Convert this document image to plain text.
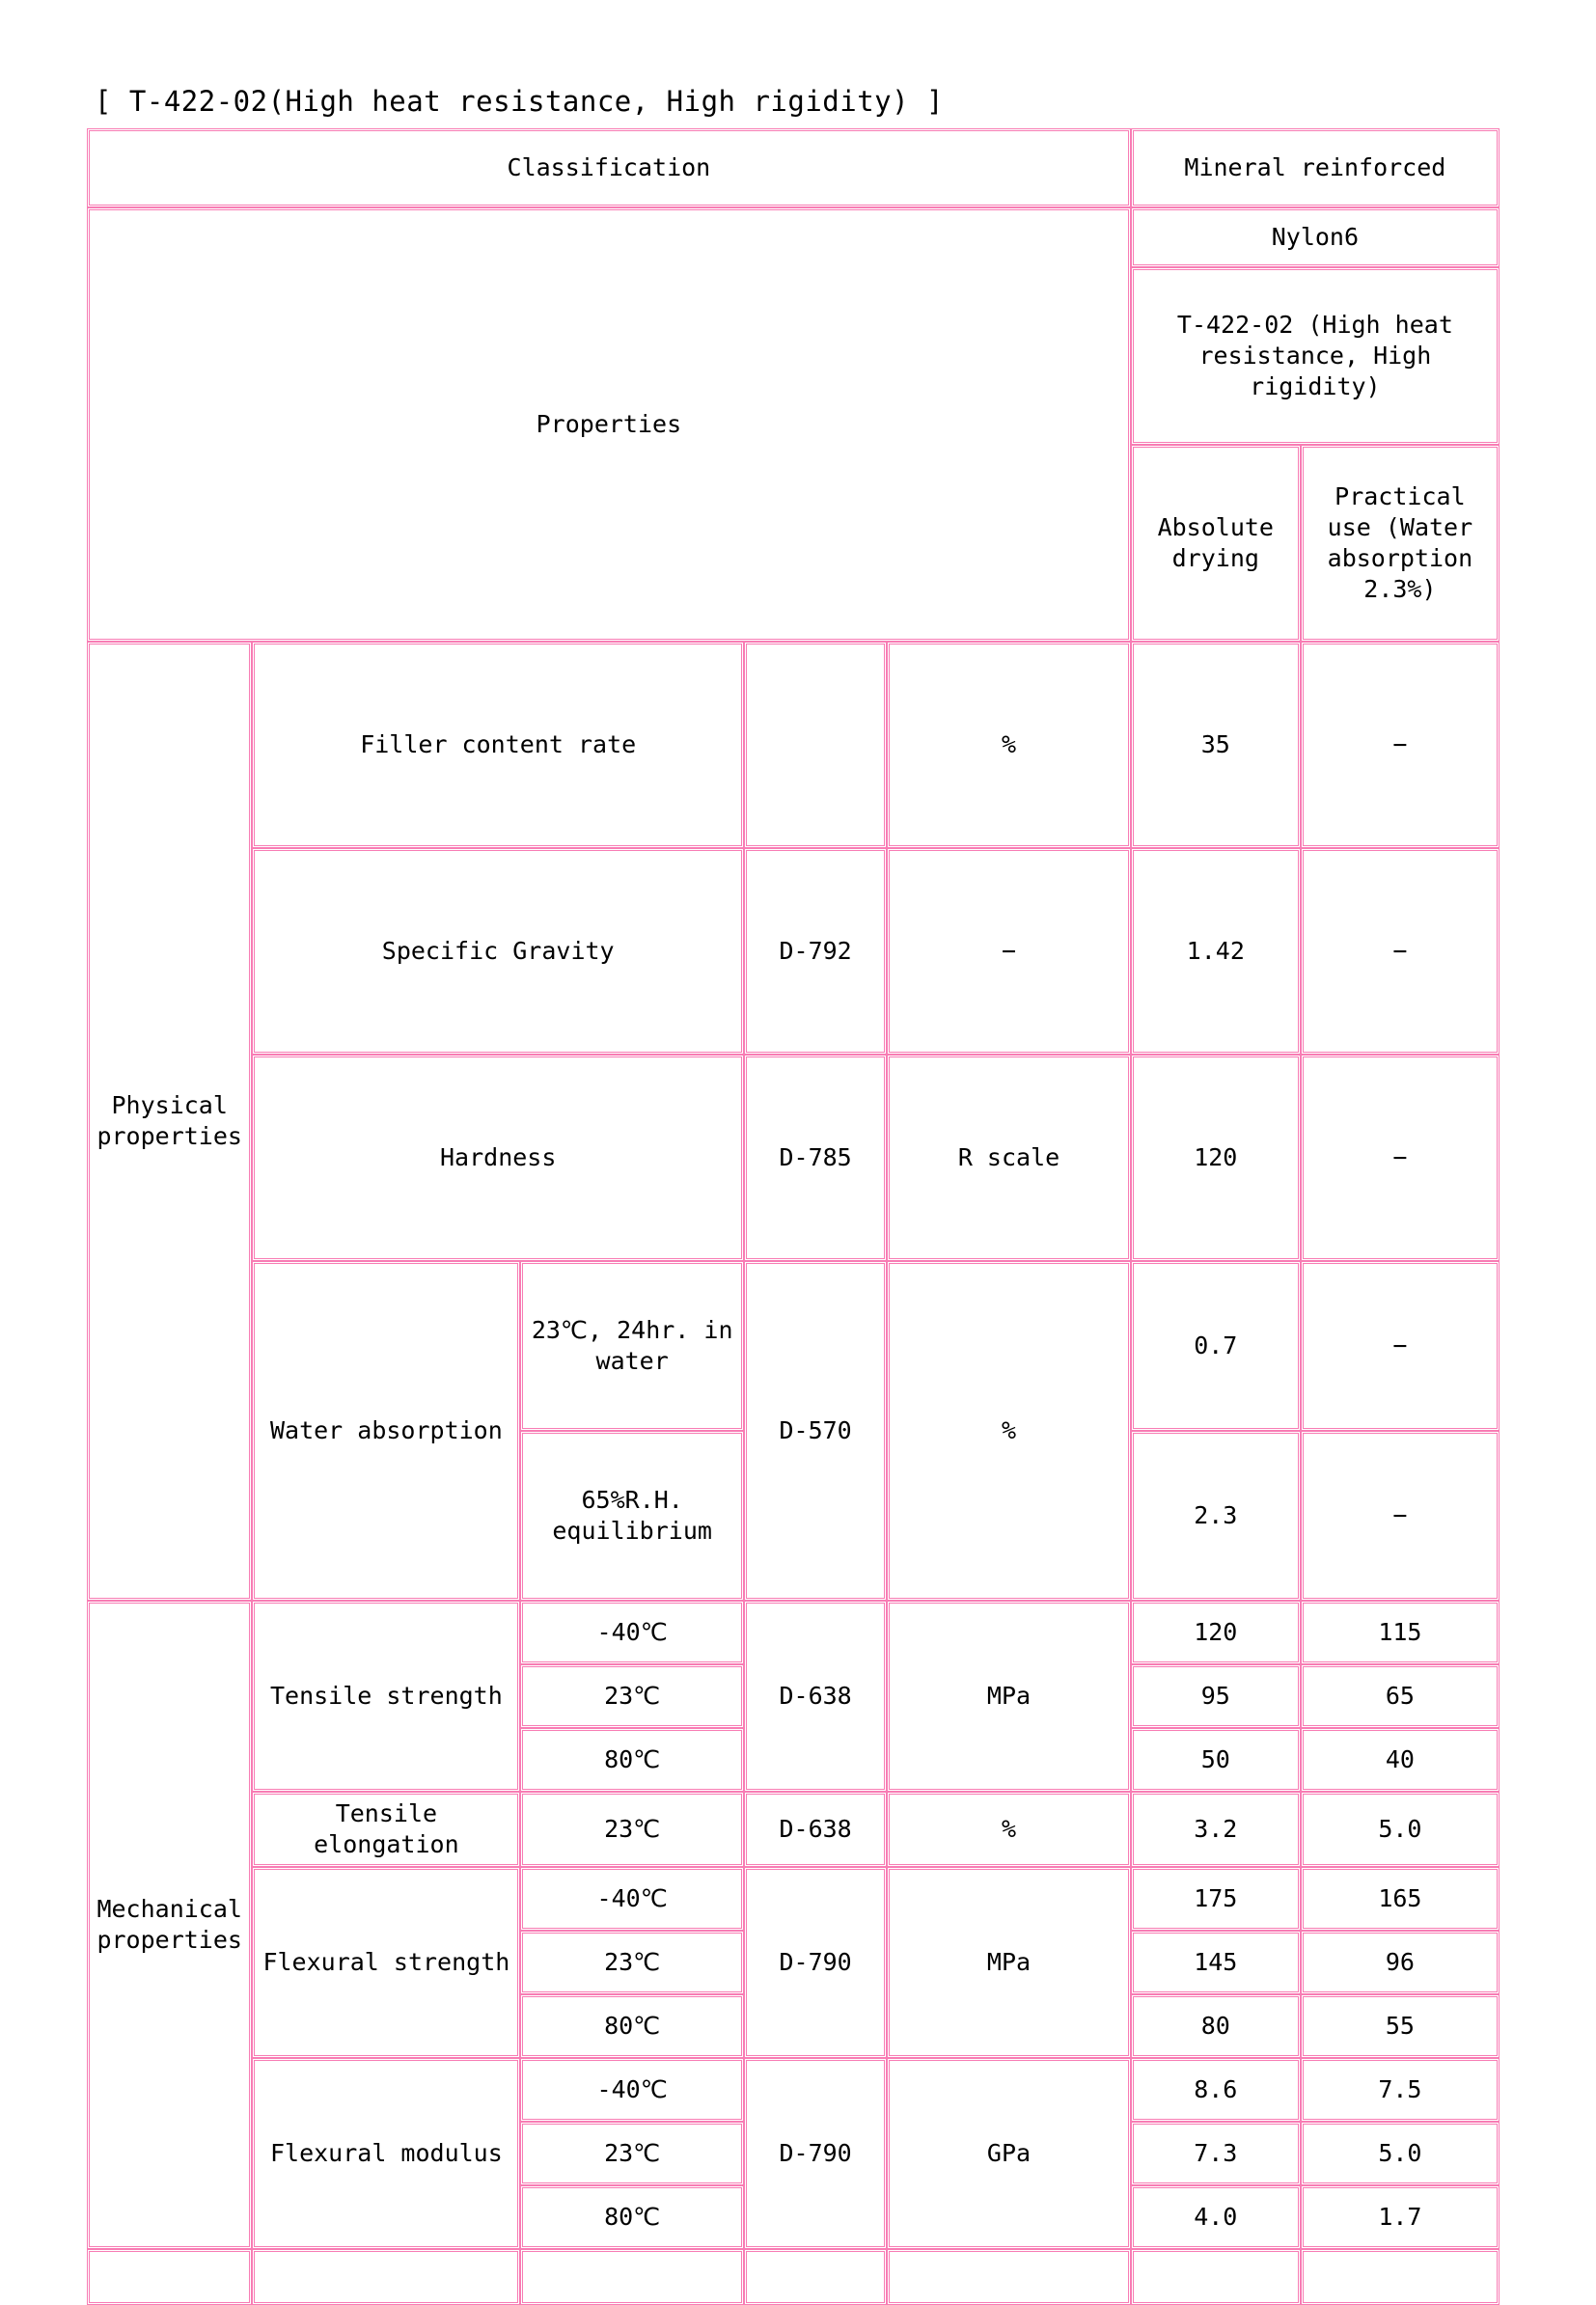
[ T-422-02(High heat resistance, High rigidity) ]
Classification					Mineral reinforced	
Properties					Nylon6	
					T-422-02 (High heat resistance, High rigidity)	
					Absolute drying	Practical use (Water absorption 2.3%)
Physical properties	Filler content rate			%	35	−
	Specific Gravity		D-792	−	1.42	−
	Hardness		D-785	R scale	120	−
	Water absorption	23℃, 24hr. in water	D-570	%	0.7	−
		65%R.H. equilibrium			2.3	−
Mechanical properties	Tensile strength	-40℃	D-638	MPa	120	115
		23℃			95	65
		80℃			50	40
	Tensile elongation	23℃	D-638	%	3.2	5.0
	Flexural strength	-40℃	D-790	MPa	175	165
		23℃			145	96
		80℃			80	55
	Flexural modulus	-40℃	D-790	GPa	8.6	7.5
		23℃			7.3	5.0
		80℃			4.0	1.7
